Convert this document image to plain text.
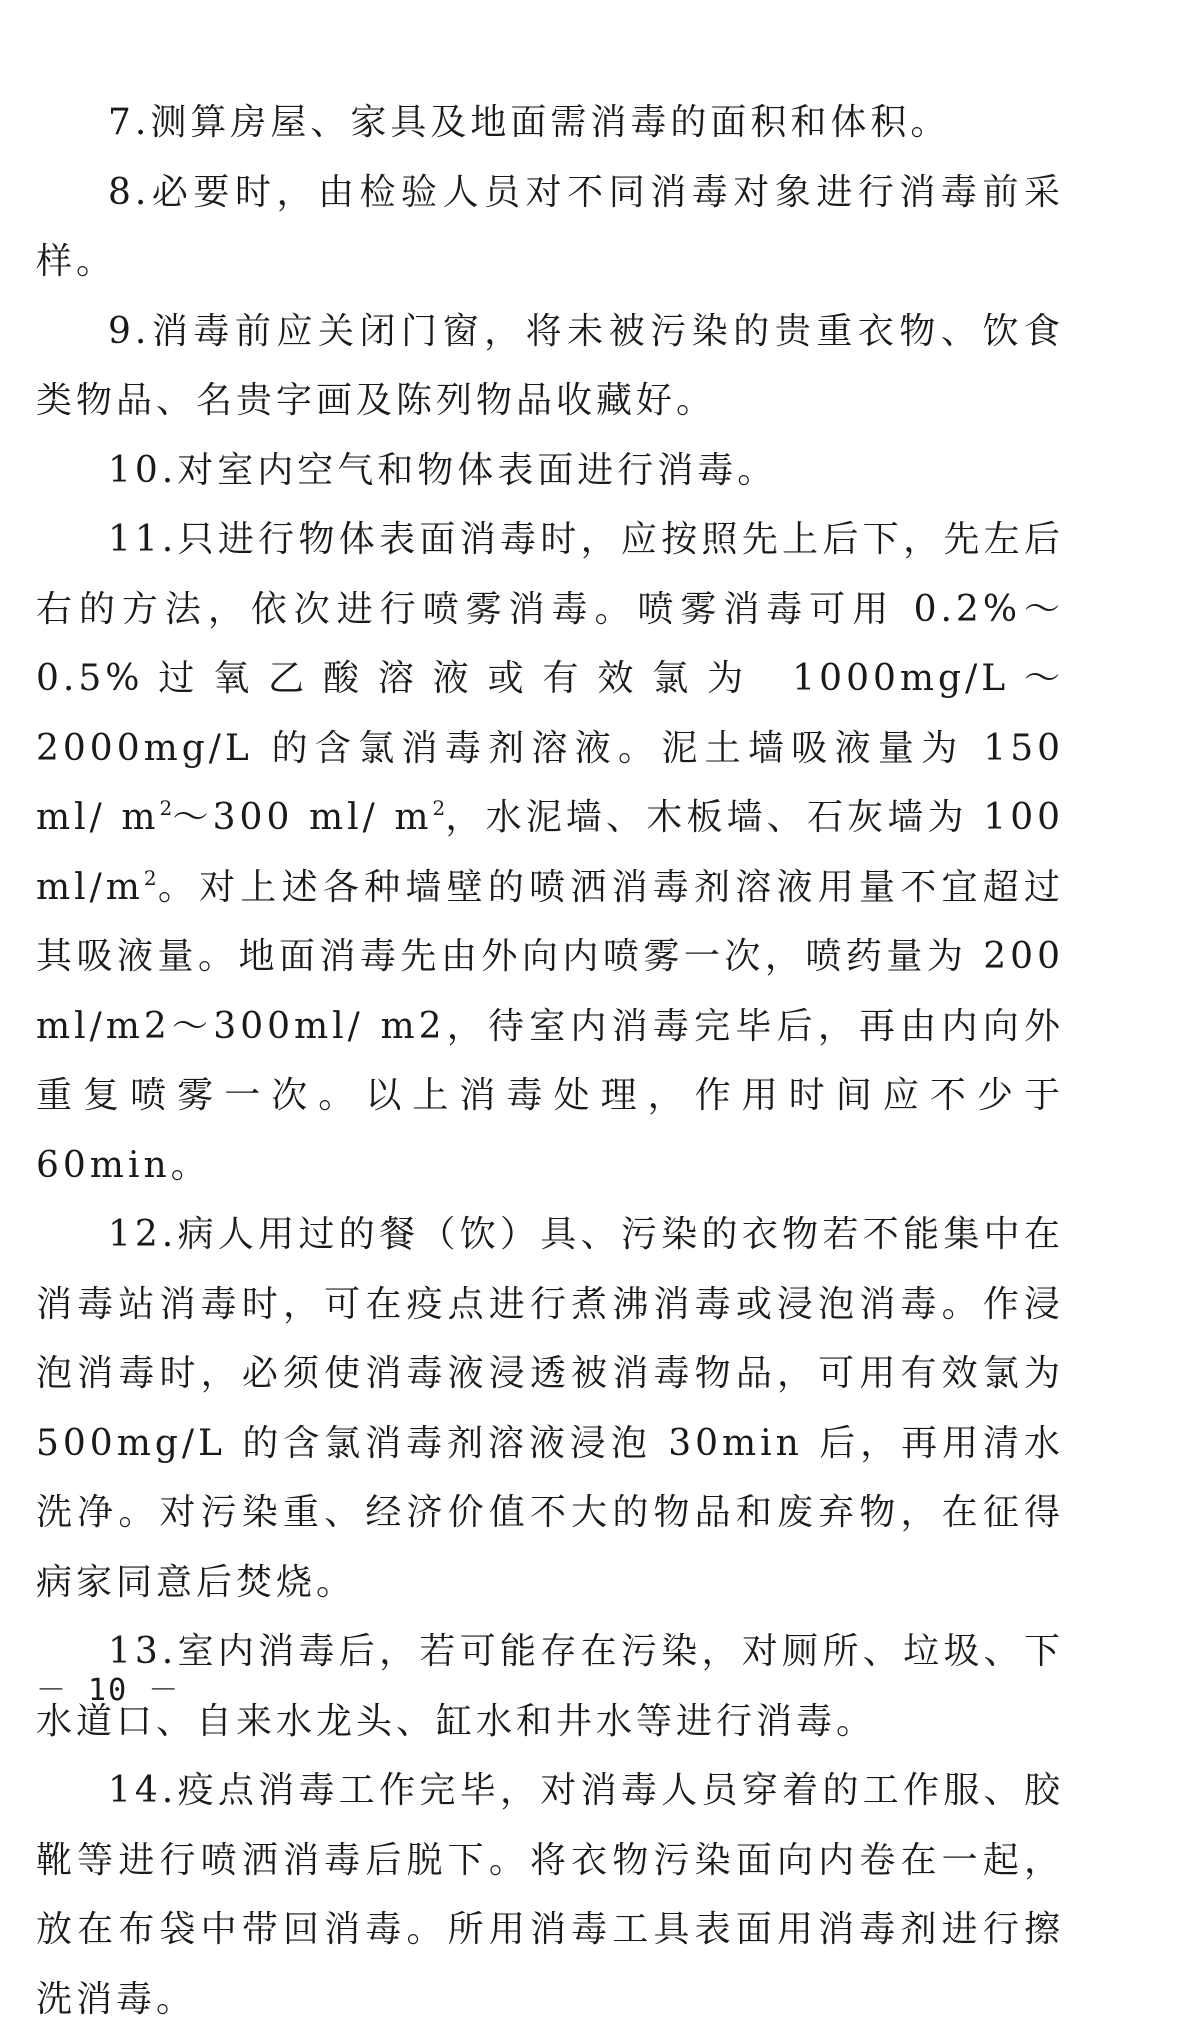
7.测算房屋、家具及地面需消毒的面积和体积。

8.必要时，由检验人员对不同消毒对象进行消毒前采样。

9.消毒前应关闭门窗，将未被污染的贵重衣物、饮食类物品、名贵字画及陈列物品收藏好。

10.对室内空气和物体表面进行消毒。

11.只进行物体表面消毒时，应按照先上后下，先左后右的方法，依次进行喷雾消毒。喷雾消毒可用 0.2%～0.5%过氧乙酸溶液或有效氯为 1000mg/L～2000mg/L 的含氯消毒剂溶液。泥土墙吸液量为 150 ml/ $m^2\sim 300$ ml/ $m^2$，水泥墙、木板墙、石灰墙为 100 $ml/m^2$。对上述各种墙壁的喷洒消毒剂溶液用量不宜超过其吸液量。地面消毒先由外向内喷雾一次，喷药量为 200 ml/m2～300ml/ m2，待室内消毒完毕后，再由内向外重复喷雾一次。以上消毒处理，作用时间应不少于 60min。

12.病人用过的餐（饮）具、污染的衣物若不能集中在消毒站消毒时，可在疫点进行煮沸消毒或浸泡消毒。作浸泡消毒时，必须使消毒液浸透被消毒物品，可用有效氯为 500mg/L 的含氯消毒剂溶液浸泡 30min 后，再用清水洗净。对污染重、经济价值不大的物品和废弃物，在征得病家同意后焚烧。

13.室内消毒后，若可能存在污染，对厕所、垃圾、下水道口、自来水龙头、缸水和井水等进行消毒。

14.疫点消毒工作完毕，对消毒人员穿着的工作服、胶靴等进行喷洒消毒后脱下。将衣物污染面向内卷在一起，放在布袋中带回消毒。所用消毒工具表面用消毒剂进行擦洗消毒。

－ 10 －
